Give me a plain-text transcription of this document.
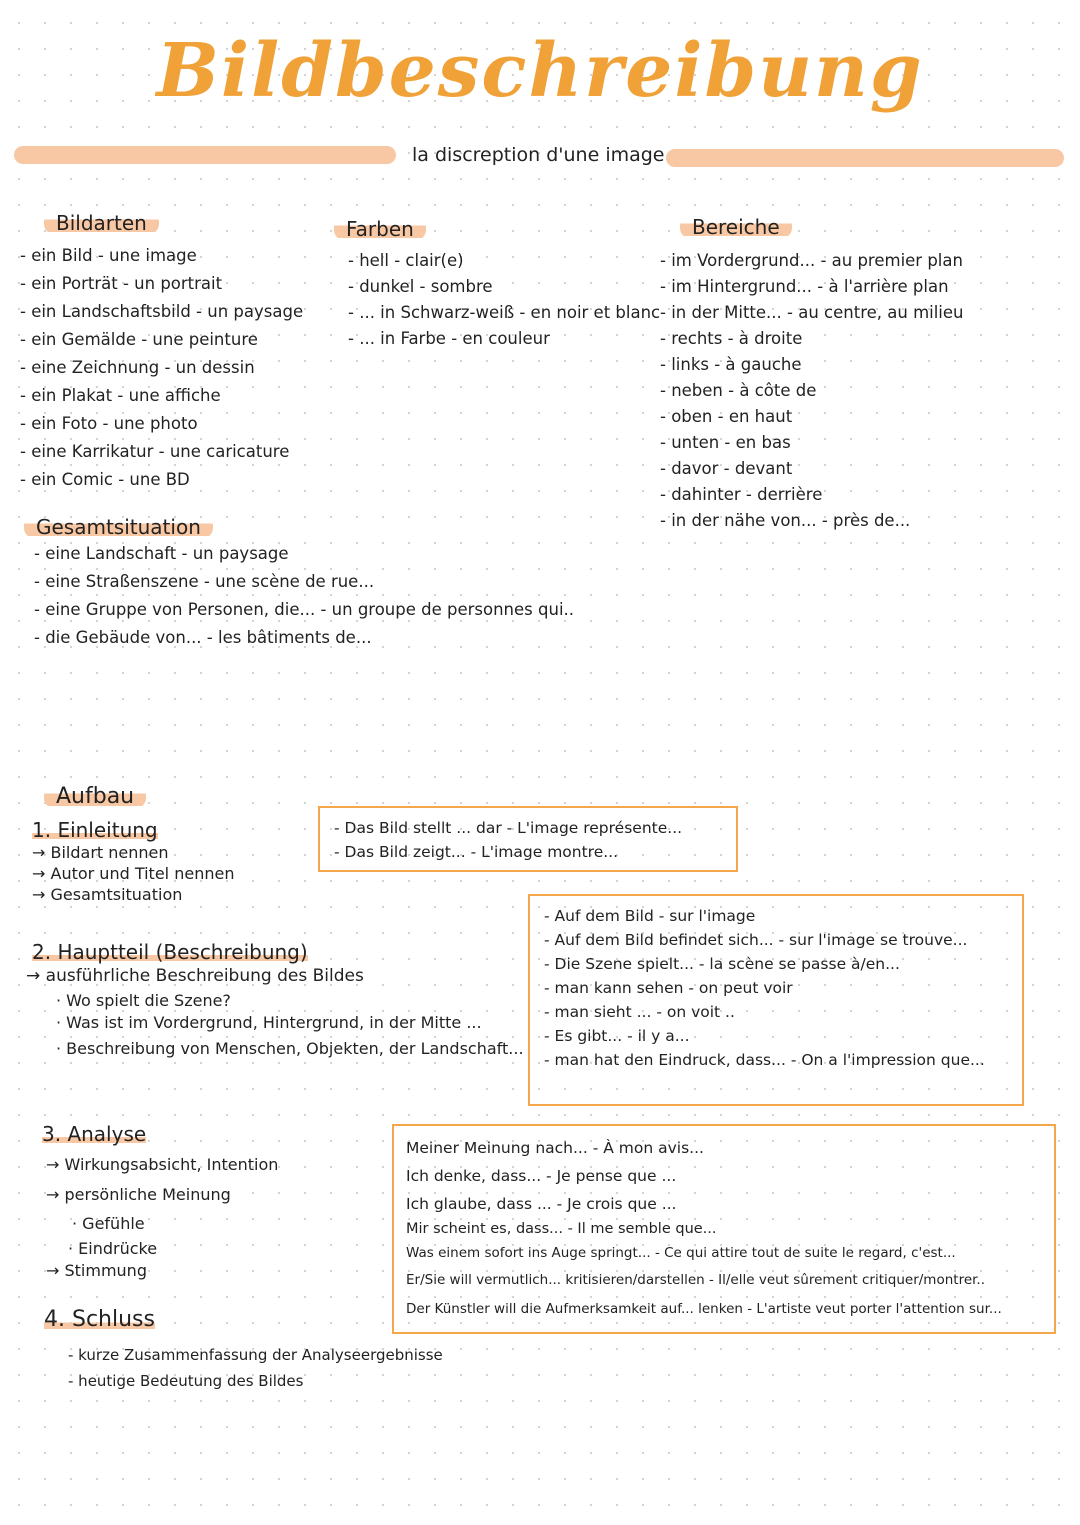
Bildbeschreibung
la discreption d'une image
Bildarten
- ein Bild - une image
- ein Porträt - un portrait
- ein Landschaftsbild - un paysage
- ein Gemälde - une peinture
- eine Zeichnung - un dessin
- ein Plakat - une affiche
- ein Foto - une photo
- eine Karrikatur - une caricature
- ein Comic - une BD
Farben
- hell - clair(e)
- dunkel - sombre
- ... in Schwarz-weiß - en noir et blanc
- ... in Farbe - en couleur
Bereiche
- im Vordergrund... - au premier plan
- im Hintergrund... - à l'arrière plan
- in der Mitte... - au centre, au milieu
- rechts - à droite
- links - à gauche
- neben - à côte de
- oben - en haut
- unten - en bas
- davor - devant
- dahinter - derrière
- in der nähe von... - près de...
Gesamtsituation
- eine Landschaft - un paysage
- eine Straßenszene - une scène de rue...
- eine Gruppe von Personen, die... - un groupe de personnes qui..
- die Gebäude von... - les bâtiments de...
Aufbau
1. Einleitung
→ Bildart nennen
→ Autor und Titel nennen
→ Gesamtsituation
- Das Bild stellt ... dar - L'image représente...
- Das Bild zeigt... - L'image montre...
2. Hauptteil (Beschreibung)
→ ausführliche Beschreibung des Bildes
· Wo spielt die Szene?
· Was ist im Vordergrund, Hintergrund, in der Mitte ...
· Beschreibung von Menschen, Objekten, der Landschaft...
- Auf dem Bild - sur l'image
- Auf dem Bild befindet sich... - sur l'image se trouve...
- Die Szene spielt... - la scène se passe à/en...
- man kann sehen - on peut voir
- man sieht ... - on voit ..
- Es gibt... - il y a...
- man hat den Eindruck, dass... - On a l'impression que...
3. Analyse
→ Wirkungsabsicht, Intention
→ persönliche Meinung
· Gefühle
· Eindrücke
→ Stimmung
Meiner Meinung nach... - À mon avis...
Ich denke, dass... - Je pense que ...
Ich glaube, dass ... - Je crois que ...
Mir scheint es, dass... - Il me semble que...
Was einem sofort ins Auge springt... - Ce qui attire tout de suite le regard, c'est...
Er/Sie will vermutlich... kritisieren/darstellen - Il/elle veut sûrement critiquer/montrer..
Der Künstler will die Aufmerksamkeit auf... lenken - L'artiste veut porter l'attention sur...
4. Schluss
- kurze Zusammenfassung der Analyseergebnisse
- heutige Bedeutung des Bildes
